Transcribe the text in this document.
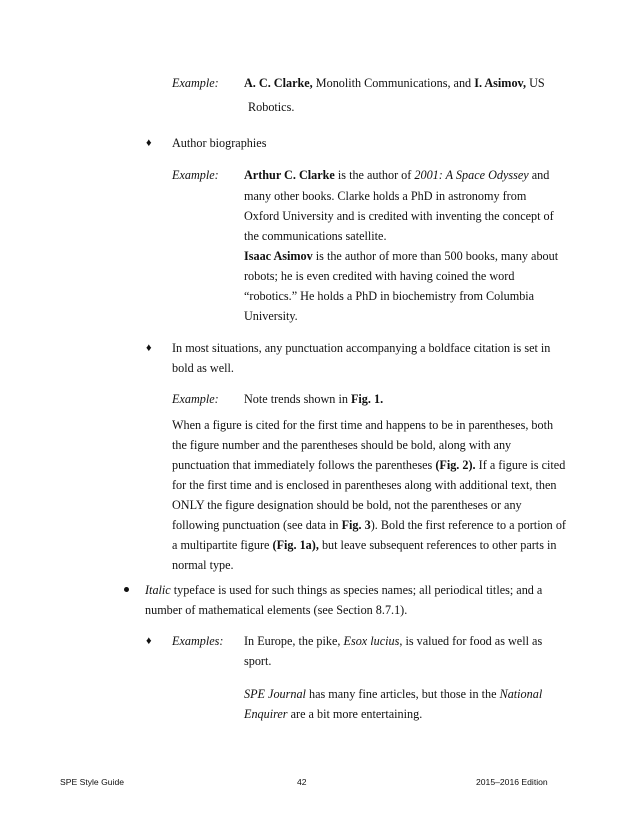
Example: A. C. Clarke, Monolith Communications, and I. Asimov, US
Robotics.
♦ Author biographies
Example: Arthur C. Clarke is the author of 2001: A Space Odyssey and
many other books. Clarke holds a PhD in astronomy from
Oxford University and is credited with inventing the concept of
the communications satellite.
Isaac Asimov is the author of more than 500 books, many about
robots; he is even credited with having coined the word
“robotics.” He holds a PhD in biochemistry from Columbia
University.
♦ In most situations, any punctuation accompanying a boldface citation is set in
bold as well.
Example: Note trends shown in Fig. 1.
When a figure is cited for the first time and happens to be in parentheses, both
the figure number and the parentheses should be bold, along with any
punctuation that immediately follows the parentheses (Fig. 2). If a figure is cited
for the first time and is enclosed in parentheses along with additional text, then
ONLY the figure designation should be bold, not the parentheses or any
following punctuation (see data in Fig. 3). Bold the first reference to a portion of
a multipartite figure (Fig. 1a), but leave subsequent references to other parts in
normal type.
Italic typeface is used for such things as species names; all periodical titles; and a
number of mathematical elements (see Section 8.7.1).
♦ Examples: In Europe, the pike, Esox lucius, is valued for food as well as
sport.
SPE Journal has many fine articles, but those in the National
Enquirer are a bit more entertaining.
SPE Style Guide	42	2015–2016 Edition
